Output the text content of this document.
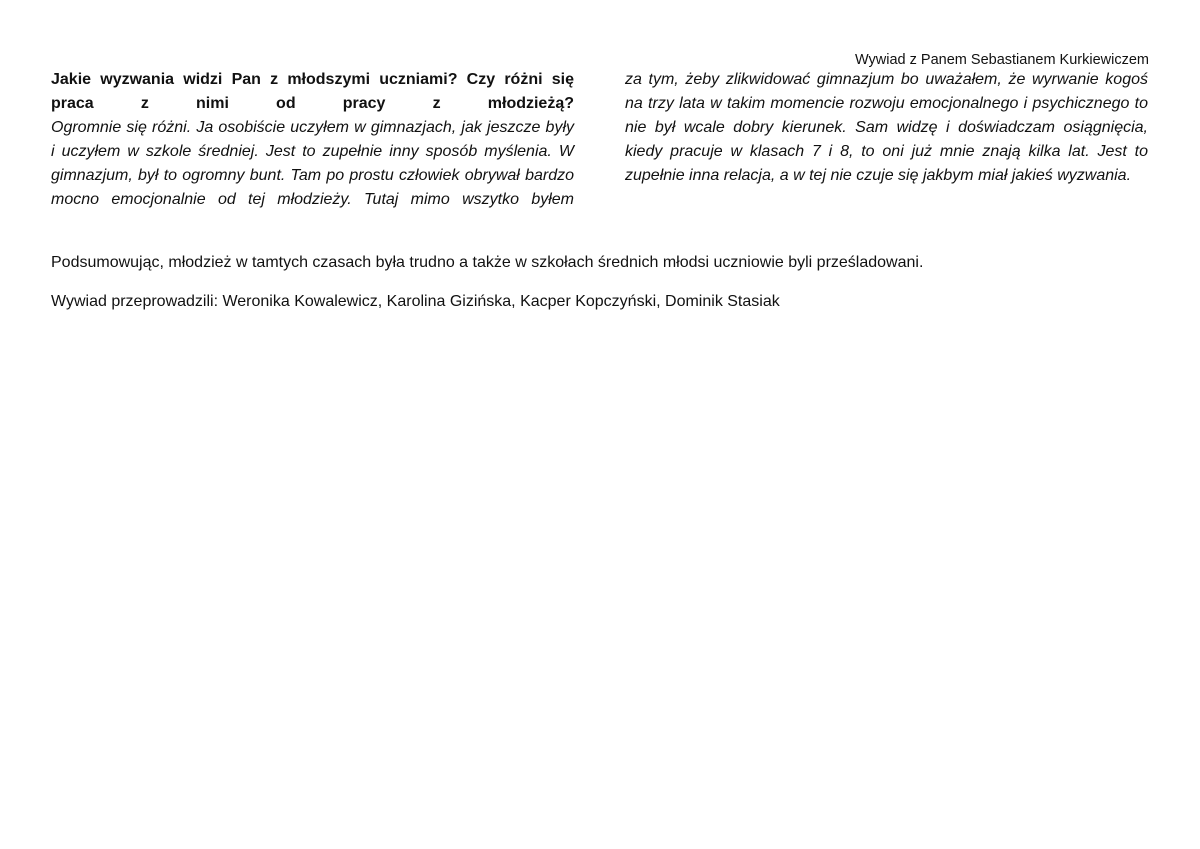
Wywiad z Panem Sebastianem Kurkiewiczem

Jakie wyzwania widzi Pan z młodszymi uczniami? Czy różni się praca z nimi od pracy z młodzieżą?

Ogromnie się różni. Ja osobiście uczyłem w gimnazjach, jak jeszcze były i uczyłem w szkole średniej. Jest to zupełnie inny sposób myślenia. W gimnazjum, był to ogromny bunt. Tam po prostu człowiek obrywał bardzo mocno emocjonalnie od tej młodzieży. Tutaj mimo wszytko byłem

za tym, żeby zlikwidować gimnazjum bo uważałem, że wyrwanie kogoś na trzy lata w takim momencie rozwoju emocjonalnego i psychicznego to nie był wcale dobry kierunek. Sam widzę i doświadczam osiągnięcia, kiedy pracuje w klasach 7 i 8, to oni już mnie znają kilka lat. Jest to zupełnie inna relacja, a w tej nie czuje się jakbym miał jakieś wyzwania.

Podsumowując, młodzież w tamtych czasach była trudno a także w szkołach średnich młodsi uczniowie byli prześladowani.

Wywiad przeprowadzili: Weronika Kowalewicz, Karolina Gizińska, Kacper Kopczyński, Dominik Stasiak
